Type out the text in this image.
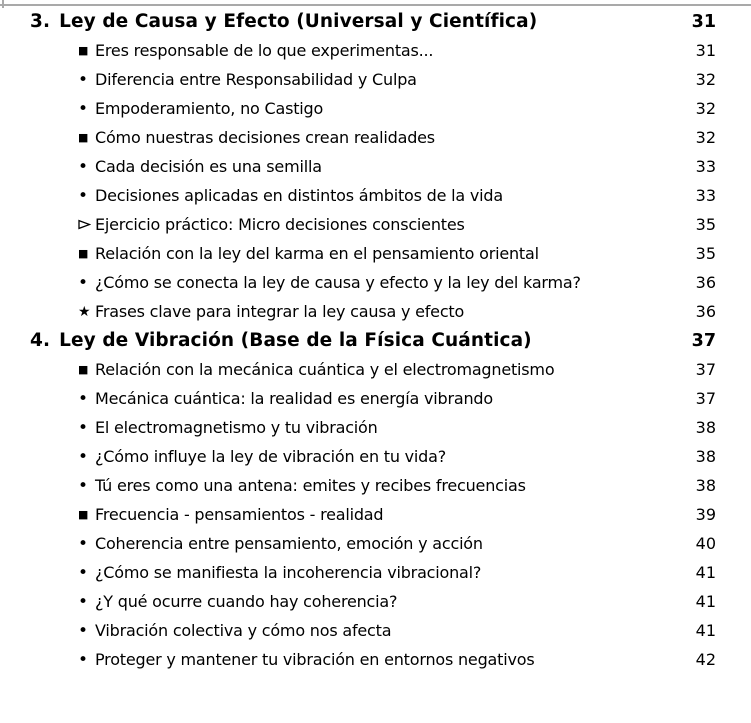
3. Ley de Causa y Efecto (Universal y Científica)	31
■ Eres responsable de lo que experimentas...	31
• Diferencia entre Responsabilidad y Culpa	32
• Empoderamiento, no Castigo	32
■ Cómo nuestras decisiones crean realidades	32
• Cada decisión es una semilla	33
• Decisiones aplicadas en distintos ámbitos de la vida	33
Ejercicio práctico: Micro decisiones conscientes	35
■ Relación con la ley del karma en el pensamiento oriental	35
• ¿Cómo se conecta la ley de causa y efecto y la ley del karma?	36
★ Frases clave para integrar la ley causa y efecto	36
4. Ley de Vibración (Base de la Física Cuántica)	37
■ Relación con la mecánica cuántica y el electromagnetismo	37
• Mecánica cuántica: la realidad es energía vibrando	37
• El electromagnetismo y tu vibración	38
• ¿Cómo influye la ley de vibración en tu vida?	38
• Tú eres como una antena: emites y recibes frecuencias	38
■ Frecuencia - pensamientos - realidad	39
• Coherencia entre pensamiento, emoción y acción	40
• ¿Cómo se manifiesta la incoherencia vibracional?	41
• ¿Y qué ocurre cuando hay coherencia?	41
• Vibración colectiva y cómo nos afecta	41
• Proteger y mantener tu vibración en entornos negativos	42
